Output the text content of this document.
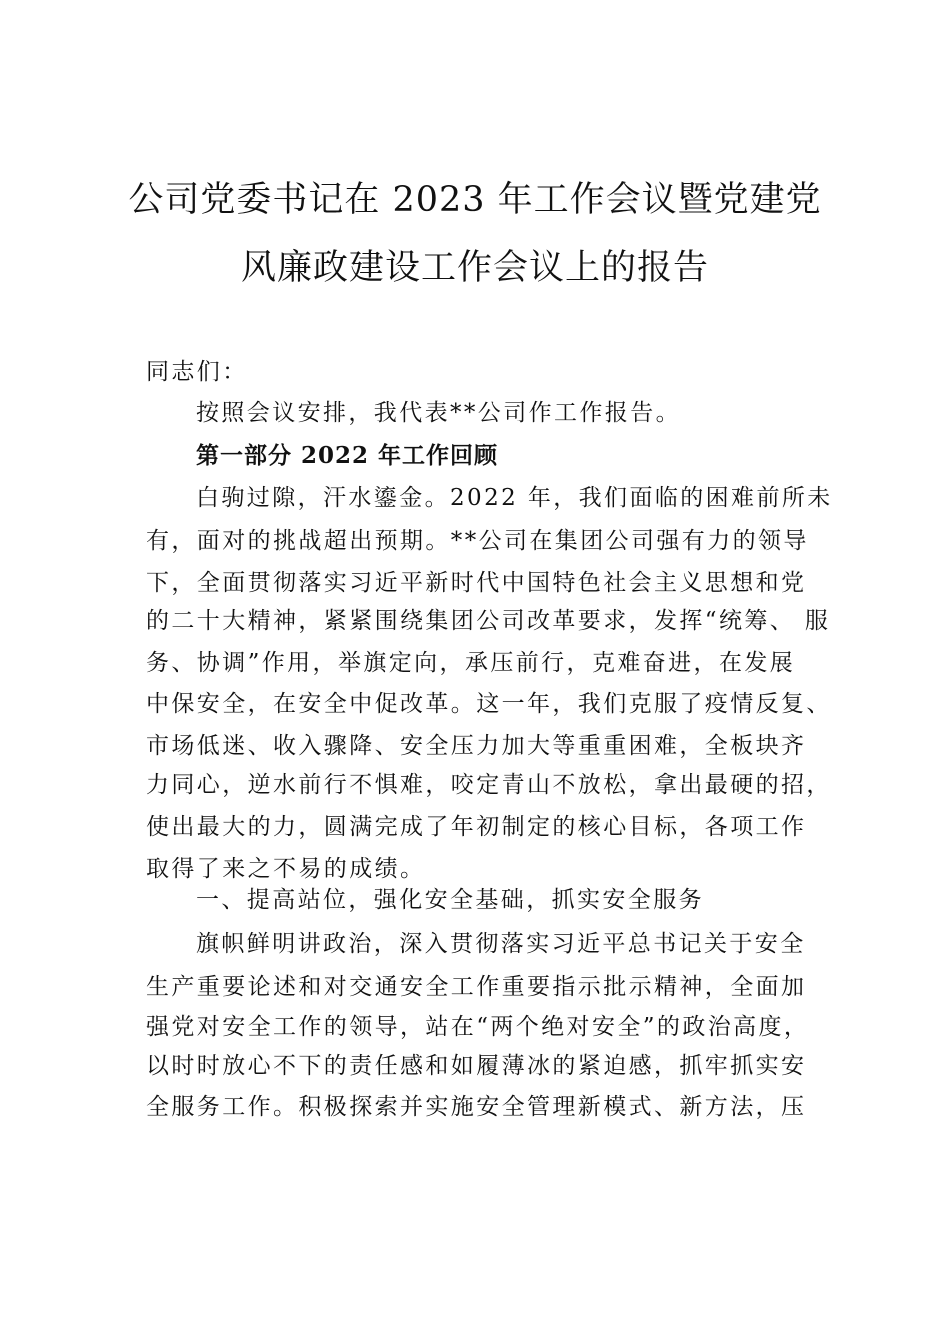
公司党委书记在 2023 年工作会议暨党建党
风廉政建设工作会议上的报告
同志们：
按照会议安排，我代表**公司作工作报告。
第一部分 2022 年工作回顾
白驹过隙，汗水鎏金。2022 年，我们面临的困难前所未
有，面对的挑战超出预期。**公司在集团公司强有力的领导
下，全面贯彻落实习近平新时代中国特色社会主义思想和党
的二十大精神，紧紧围绕集团公司改革要求，发挥“统筹、 服
务、协调”作用，举旗定向，承压前行，克难奋进，在发展
中保安全，在安全中促改革。这一年，我们克服了疫情反复、
市场低迷、收入骤降、安全压力加大等重重困难，全板块齐
力同心，逆水前行不惧难，咬定青山不放松，拿出最硬的招，
使出最大的力，圆满完成了年初制定的核心目标，各项工作
取得了来之不易的成绩。
一、提高站位，强化安全基础，抓实安全服务
旗帜鲜明讲政治，深入贯彻落实习近平总书记关于安全
生产重要论述和对交通安全工作重要指示批示精神，全面加
强党对安全工作的领导，站在“两个绝对安全”的政治高度，
以时时放心不下的责任感和如履薄冰的紧迫感，抓牢抓实安
全服务工作。积极探索并实施安全管理新模式、新方法，压
